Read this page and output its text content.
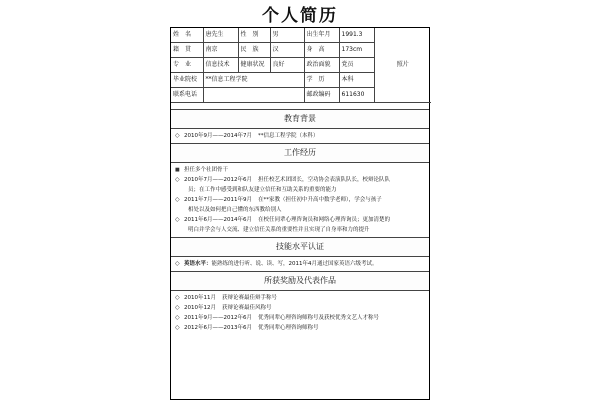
个人简历
姓　名	唐先生	性　别	男	出生年月	1991.3	照片
籍　贯	南京	民　族	汉	身　高	173cm	
专　业	信息技术	健康状况	良好	政治面貌	党员	
毕业院校	**信息工程学院			学　历	本科	
联系电话				邮政编码	611630	
教育背景
◇ 2010年9月——2014年7月 **信息工程学院（本科）
工作经历
■ 担任多个社团骨干
◇ 2010年7月——2012年6月 担任校艺术团团长，空功协会表演队队长，校辩论队队
员；在工作中感受到和队友建立信任和互助关系的重要的能力
◇ 2011年7月——2011年9月 在**家教（担任初中升高中数学老师），学会与孩子
相处以及如何把自己懂的东西教给别人
◇ 2011年6月——2014年6月 在校任同辈心理咨询员和网络心理咨询员；更加清楚的
明白并学会与人交流、建立信任关系的重要性并且实现了自身率和力的提升
技能水平认证
◇ 英语水平：能熟练的进行听、说、读、写，2011年4月通过国家英语六级考试。
所获奖励及代表作品
◇ 2010年11月 获辩论赛最佳辩手称号
◇ 2010年12月 获辩论赛最佳风称号
◇ 2011年9月——2012年6月 优秀同辈心理咨询师称号及获校优秀文艺人才称号
◇ 2012年6月——2013年6月 优秀同辈心理咨询师称号
